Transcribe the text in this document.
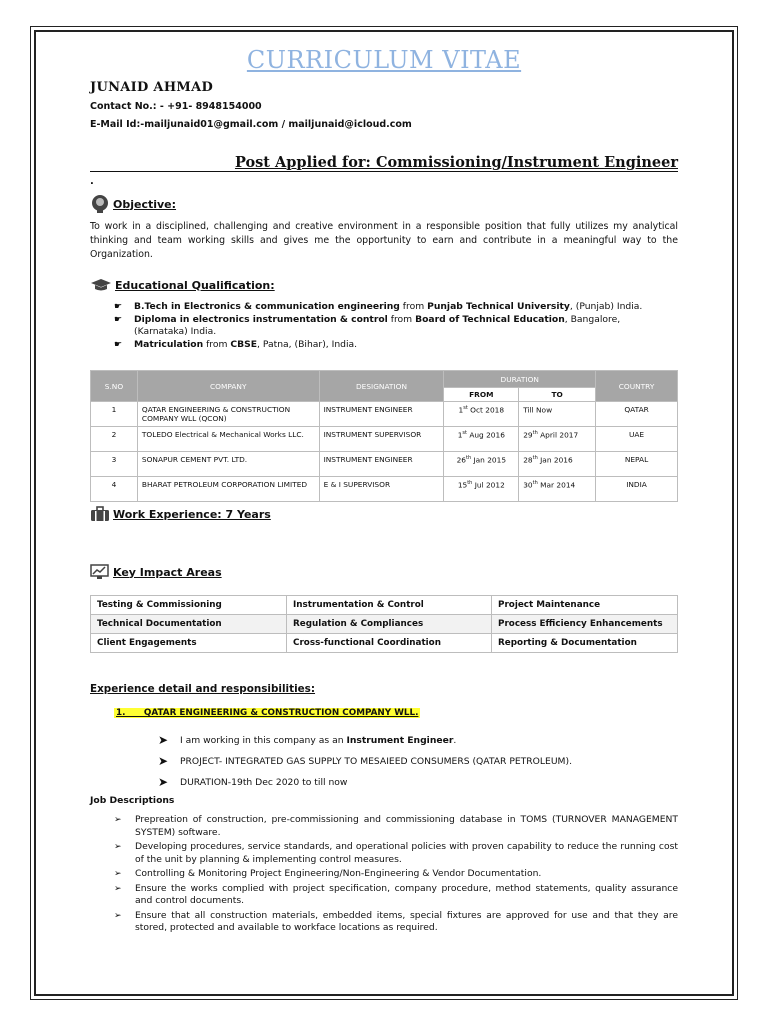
CURRICULUM VITAE
JUNAID AHMAD
Contact No.: - +91- 8948154000
E-Mail Id:-mailjunaid01@gmail.com / mailjunaid@icloud.com
Post Applied for: Commissioning/Instrument Engineer
.
Objective:
To work in a disciplined, challenging and creative environment in a responsible position that fully utilizes my analytical thinking and team working skills and gives me the opportunity to earn and contribute in a meaningful way to the Organization.
Educational Qualification:
☛ B.Tech in Electronics & communication engineering from Punjab Technical University, (Punjab) India.
☛ Diploma in electronics instrumentation & control from Board of Technical Education, Bangalore, (Karnataka) India.
☛ Matriculation from CBSE, Patna, (Bihar), India.
S.NO	COMPANY	DESIGNATION	DURATION		COUNTRY
			FROM	TO	
1	QATAR ENGINEERING & CONSTRUCTION COMPANY WLL (QCON)	INSTRUMENT ENGINEER	1st Oct 2018	Till Now	QATAR
2	TOLEDO Electrical & Mechanical Works LLC.	INSTRUMENT SUPERVISOR	1st Aug 2016	29th April 2017	UAE
3	SONAPUR CEMENT PVT. LTD.	INSTRUMENT ENGINEER	26th Jan 2015	28th Jan 2016	NEPAL
4	BHARAT PETROLEUM CORPORATION LIMITED	E & I SUPERVISOR	15th Jul 2012	30th Mar 2014	INDIA
Work Experience: 7 Years
Key Impact Areas
Testing & Commissioning	Instrumentation & Control	Project Maintenance
Technical Documentation	Regulation & Compliances	Process Efficiency Enhancements
Client Engagements	Cross-functional Coordination	Reporting & Documentation
Experience detail and responsibilities:
1.      QATAR ENGINEERING & CONSTRUCTION COMPANY WLL.
➤ I am working in this company as an Instrument Engineer.
➤ PROJECT- INTEGRATED GAS SUPPLY TO MESAIEED CONSUMERS (QATAR PETROLEUM).
➤ DURATION-19th Dec 2020 to till now
Job Descriptions
➢ Prepreation of construction, pre-commissioning and commissioning database in TOMS (TURNOVER MANAGEMENT SYSTEM) software.
➢ Developing procedures, service standards, and operational policies with proven capability to reduce the running cost of the unit by planning & implementing control measures.
➢ Controlling & Monitoring Project Engineering/Non-Engineering & Vendor Documentation.
➢ Ensure the works complied with project specification, company procedure, method statements, quality assurance and control documents.
➢ Ensure that all construction materials, embedded items, special fixtures are approved for use and that they are stored, protected and available to workface locations as required.
